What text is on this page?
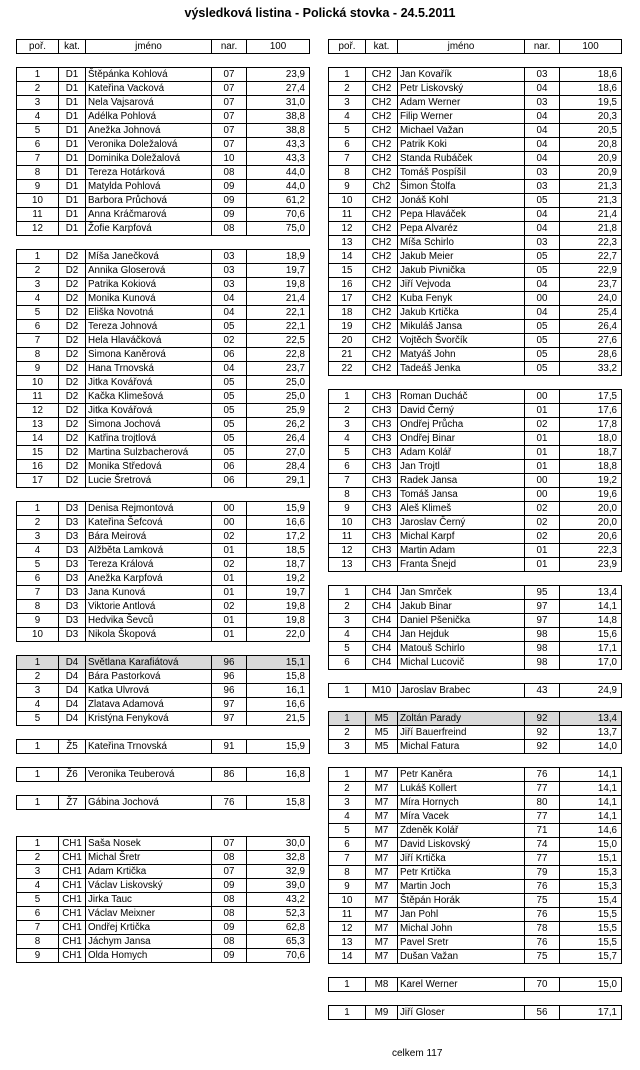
výsledková listina - Polická stovka - 24.5.2011
poř.	kat.	jméno	nar.	100

1	D1	Štěpánka Kohlová	07	23,9
2	D1	Kateřina Vacková	07	27,4
3	D1	Nela Vajsarová	07	31,0
4	D1	Adélka Pohlová	07	38,8
5	D1	Anežka Johnová	07	38,8
6	D1	Veronika Doležalová	07	43,3
7	D1	Dominika Doležalová	10	43,3
8	D1	Tereza Hotárková	08	44,0
9	D1	Matylda Pohlová	09	44,0
10	D1	Barbora Průchová	09	61,2
11	D1	Anna Kráčmarová	09	70,6
12	D1	Žofie Karpfová	08	75,0

1	D2	Míša Janečková	03	18,9
2	D2	Annika Gloserová	03	19,7
3	D2	Patrika Kokiová	03	19,8
4	D2	Monika Kunová	04	21,4
5	D2	Eliška Novotná	04	22,1
6	D2	Tereza Johnová	05	22,1
7	D2	Hela Hlaváčková	02	22,5
8	D2	Simona Kaněrová	06	22,8
9	D2	Hana Trnovská	04	23,7
10	D2	Jitka Kovářová	05	25,0
11	D2	Kačka Klimešová	05	25,0
12	D2	Jitka Kovářová	05	25,9
13	D2	Simona Jochová	05	26,2
14	D2	Katřina trojtlová	05	26,4
15	D2	Martina Sulzbacherová	05	27,0
16	D2	Monika Středová	06	28,4
17	D2	Lucie Šretrová	06	29,1

1	D3	Denisa Rejmontová	00	15,9
2	D3	Kateřina Šefcová	00	16,6
3	D3	Bára Meirová	02	17,2
4	D3	Alžběta Lamková	01	18,5
5	D3	Tereza Králová	02	18,7
6	D3	Anežka Karpfová	01	19,2
7	D3	Jana Kunová	01	19,7
8	D3	Viktorie Antlová	02	19,8
9	D3	Hedvika Ševců	01	19,8
10	D3	Nikola Škopová	01	22,0

1	D4	Světlana Karafiátová	96	15,1
2	D4	Bára Pastorková	96	15,8
3	D4	Katka Ulvrová	96	16,1
4	D4	Zlatava Adamová	97	16,6
5	D4	Kristýna Fenyková	97	21,5

1	Ž5	Kateřina Trnovská	91	15,9

1	Ž6	Veronika Teuberová	86	16,8

1	Ž7	Gábina Jochová	76	15,8

1	CH1	Saša Nosek	07	30,0
2	CH1	Michal Šretr	08	32,8
3	CH1	Adam Krtička	07	32,9
4	CH1	Václav Liskovský	09	39,0
5	CH1	Jirka Tauc	08	43,2
6	CH1	Václav Meixner	08	52,3
7	CH1	Ondřej Krtička	09	62,8
8	CH1	Jáchym Jansa	08	65,3
9	CH1	Olda Homych	09	70,6
poř.	kat.	jméno	nar.	100

1	CH2	Jan Kovařík	03	18,6
2	CH2	Petr Liskovský	04	18,6
3	CH2	Adam Werner	03	19,5
4	CH2	Filip Werner	04	20,3
5	CH2	Michael Važan	04	20,5
6	CH2	Patrik Koki	04	20,8
7	CH2	Standa Rubáček	04	20,9
8	CH2	Tomáš Pospíšil	03	20,9
9	Ch2	Šimon Štolfa	03	21,3
10	CH2	Jonáš Kohl	05	21,3
11	CH2	Pepa Hlaváček	04	21,4
12	CH2	Pepa Alvaréz	04	21,8
13	CH2	Míša Schirlo	03	22,3
14	CH2	Jakub Meier	05	22,7
15	CH2	Jakub Pivnička	05	22,9
16	CH2	Jiří Vejvoda	04	23,7
17	CH2	Kuba Fenyk	00	24,0
18	CH2	Jakub Krtička	04	25,4
19	CH2	Mikuláš Jansa	05	26,4
20	CH2	Vojtěch Švorčík	05	27,6
21	CH2	Matyáš John	05	28,6
22	CH2	Tadeáš Jenka	05	33,2

1	CH3	Roman Ducháč	00	17,5
2	CH3	David Černý	01	17,6
3	CH3	Ondřej Průcha	02	17,8
4	CH3	Ondřej Binar	01	18,0
5	CH3	Adam Kolář	01	18,7
6	CH3	Jan Trojtl	01	18,8
7	CH3	Radek Jansa	00	19,2
8	CH3	Tomáš Jansa	00	19,6
9	CH3	Aleš Klimeš	02	20,0
10	CH3	Jaroslav Černý	02	20,0
11	CH3	Michal Karpf	02	20,6
12	CH3	Martin Adam	01	22,3
13	CH3	Franta Šnejd	01	23,9

1	CH4	Jan Smrček	95	13,4
2	CH4	Jakub Binar	97	14,1
3	CH4	Daniel Pšenička	97	14,8
4	CH4	Jan Hejduk	98	15,6
5	CH4	Matouš Schirlo	98	17,1
6	CH4	Michal Lucovič	98	17,0

1	M10	Jaroslav Brabec	43	24,9

1	M5	Zoltán Parady	92	13,4
2	M5	Jiří Bauerfreind	92	13,7
3	M5	Michal Fatura	92	14,0

1	M7	Petr Kaněra	76	14,1
2	M7	Lukáš Kollert	77	14,1
3	M7	Míra Hornych	80	14,1
4	M7	Míra Vacek	77	14,1
5	M7	Zdeněk Kolář	71	14,6
6	M7	David Liskovský	74	15,0
7	M7	Jiří Krtička	77	15,1
8	M7	Petr Krtička	79	15,3
9	M7	Martin Joch	76	15,3
10	M7	Štěpán Horák	75	15,4
11	M7	Jan Pohl	76	15,5
12	M7	Michal John	78	15,5
13	M7	Pavel Sretr	76	15,5
14	M7	Dušan Važan	75	15,7

1	M8	Karel Werner	70	15,0

1	M9	Jiří Gloser	56	17,1
celkem 117
